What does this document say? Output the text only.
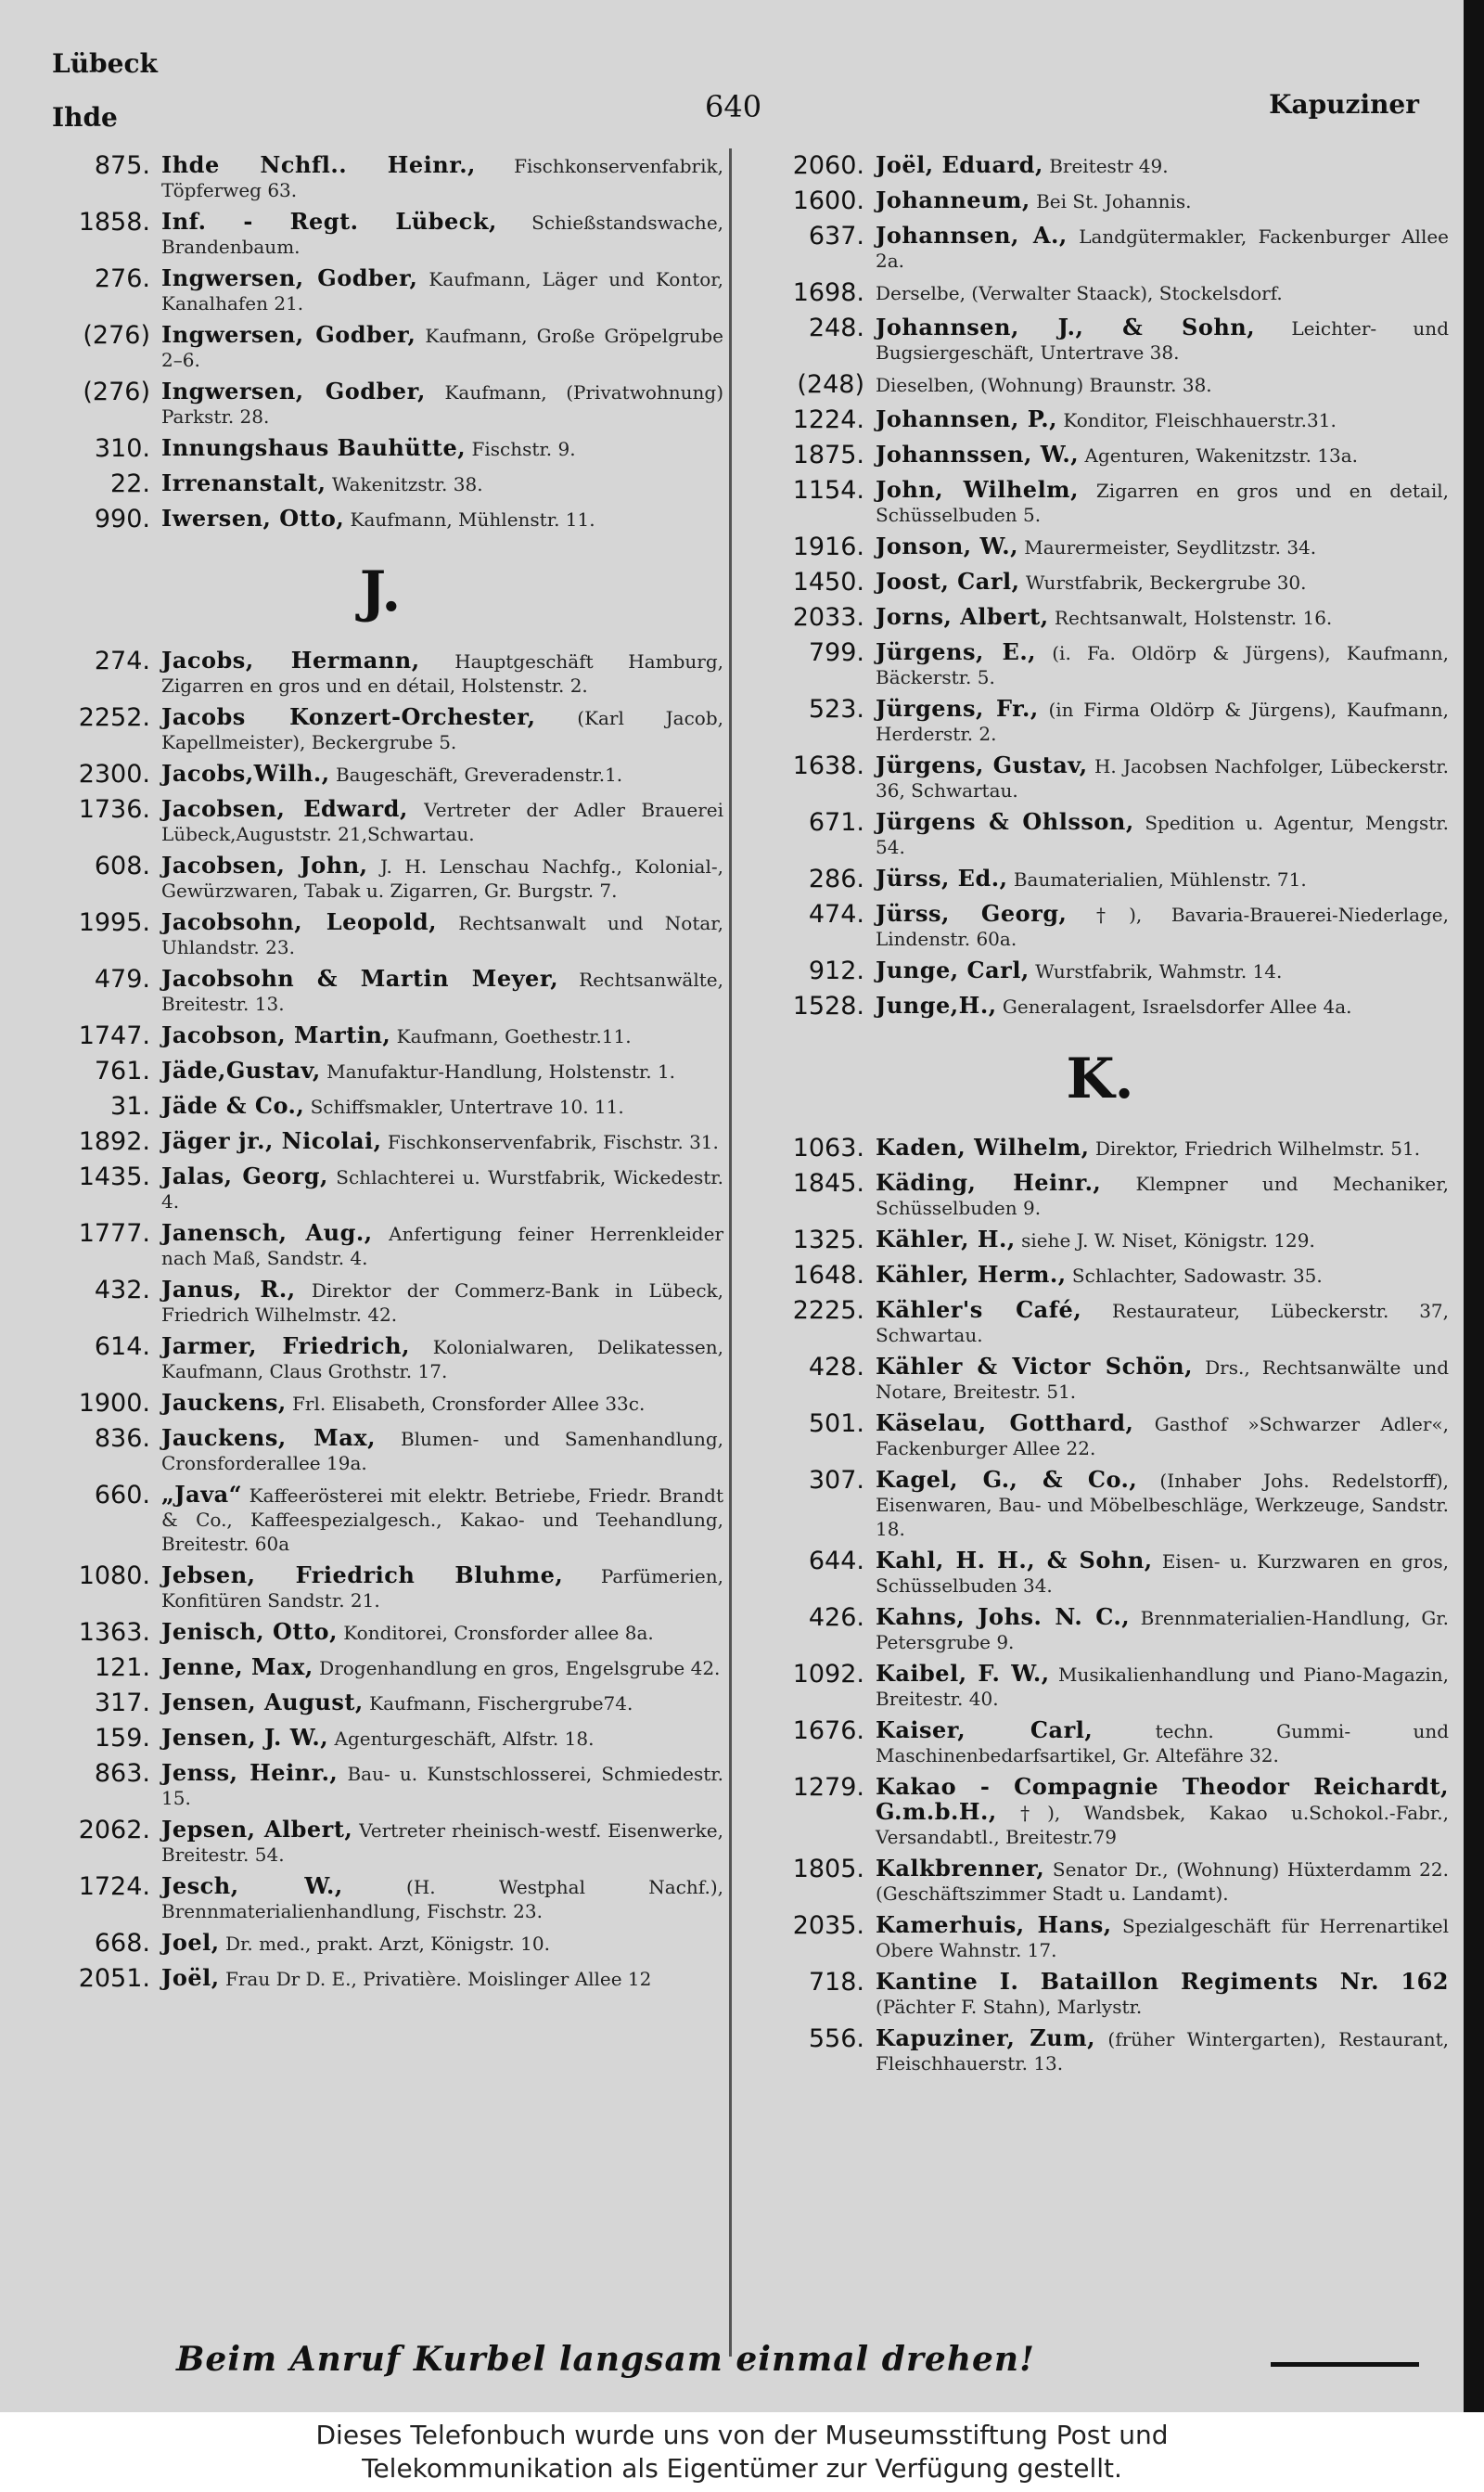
Lübeck
Ihde	640	Kapuziner
875. Ihde Nchfl.. Heinr., Fischkonservenfabrik, Töpferweg 63.
1858. Inf. - Regt. Lübeck, Schießstandswache, Brandenbaum.
276. Ingwersen, Godber, Kaufmann, Läger und Kontor, Kanalhafen 21.
(276) Ingwersen, Godber, Kaufmann, Große Gröpelgrube 2–6.
(276) Ingwersen, Godber, Kaufmann, (Privatwohnung) Parkstr. 28.
310. Innungshaus Bauhütte, Fischstr. 9.
22. Irrenanstalt, Wakenitzstr. 38.
990. Iwersen, Otto, Kaufmann, Mühlenstr. 11.
J.
274. Jacobs, Hermann, Hauptgeschäft Hamburg, Zigarren en gros und en détail, Holstenstr. 2.
2252. Jacobs Konzert-Orchester, (Karl Jacob, Kapellmeister), Beckergrube 5.
2300. Jacobs,Wilh., Baugeschäft, Greveradenstr.1.
1736. Jacobsen, Edward, Vertreter der Adler Brauerei Lübeck,Auguststr. 21,Schwartau.
608. Jacobsen, John, J. H. Lenschau Nachfg., Kolonial-, Gewürzwaren, Tabak u. Zigarren, Gr. Burgstr. 7.
1995. Jacobsohn, Leopold, Rechtsanwalt und Notar, Uhlandstr. 23.
479. Jacobsohn & Martin Meyer, Rechtsanwälte, Breitestr. 13.
1747. Jacobson, Martin, Kaufmann, Goethestr.11.
761. Jäde,Gustav, Manufaktur-Handlung, Holstenstr. 1.
31. Jäde & Co., Schiffsmakler, Untertrave 10. 11.
1892. Jäger jr., Nicolai, Fischkonservenfabrik, Fischstr. 31.
1435. Jalas, Georg, Schlachterei u. Wurstfabrik, Wickedestr. 4.
1777. Janensch, Aug., Anfertigung feiner Herrenkleider nach Maß, Sandstr. 4.
432. Janus, R., Direktor der Commerz-Bank in Lübeck, Friedrich Wilhelmstr. 42.
614. Jarmer, Friedrich, Kolonialwaren, Delikatessen, Kaufmann, Claus Grothstr. 17.
1900. Jauckens, Frl. Elisabeth, Cronsforder Allee 33c.
836. Jauckens, Max, Blumen- und Samenhandlung, Cronsforderallee 19a.
660. „Java“ Kaffeerösterei mit elektr. Betriebe, Friedr. Brandt & Co., Kaffeespezialgesch., Kakao- und Teehandlung, Breitestr. 60a
1080. Jebsen, Friedrich Bluhme, Parfümerien, Konfitüren Sandstr. 21.
1363. Jenisch, Otto, Konditorei, Cronsforder allee 8a.
121. Jenne, Max, Drogenhandlung en gros, Engelsgrube 42.
317. Jensen, August, Kaufmann, Fischergrube74.
159. Jensen, J. W., Agenturgeschäft, Alfstr. 18.
863. Jenss, Heinr., Bau- u. Kunstschlosserei, Schmiedestr. 15.
2062. Jepsen, Albert, Vertreter rheinisch-westf. Eisenwerke, Breitestr. 54.
1724. Jesch, W.,	(H. Westphal Nachf.), Brennmaterialienhandlung, Fischstr. 23.
668. Joel, Dr. med., prakt. Arzt, Königstr. 10.
2051. Joël, Frau Dr D. E., Privatière. Moislinger Allee 12
2060. Joël, Eduard, Breitestr 49.
1600. Johanneum, Bei St. Johannis.
637. Johannsen, A., Landgütermakler, Fackenburger Allee 2a.
1698. Derselbe, (Verwalter Staack), Stockelsdorf.
248. Johannsen, J., & Sohn, Leichter- und Bugsiergeschäft, Untertrave 38.
(248) Dieselben, (Wohnung) Braunstr. 38.
1224. Johannsen, P., Konditor, Fleischhauerstr.31.
1875. Johannssen, W., Agenturen, Wakenitzstr. 13a.
1154. John, Wilhelm, Zigarren en gros und en detail, Schüsselbuden 5.
1916. Jonson, W., Maurermeister, Seydlitzstr. 34.
1450. Joost, Carl, Wurstfabrik, Beckergrube 30.
2033. Jorns, Albert, Rechtsanwalt, Holstenstr. 16.
799. Jürgens, E., (i. Fa. Oldörp & Jürgens), Kaufmann, Bäckerstr. 5.
523. Jürgens, Fr., (in Firma Oldörp & Jürgens), Kaufmann, Herderstr. 2.
1638. Jürgens, Gustav, H. Jacobsen Nachfolger, Lübeckerstr. 36, Schwartau.
671. Jürgens & Ohlsson, Spedition u. Agentur, Mengstr. 54.
286. Jürss, Ed., Baumaterialien, Mühlenstr. 71.
474. Jürss, Georg, †), Bavaria-Brauerei-Niederlage, Lindenstr. 60a.
912. Junge, Carl, Wurstfabrik, Wahmstr. 14.
1528. Junge,H., Generalagent, Israelsdorfer Allee 4a.
K.
1063. Kaden, Wilhelm, Direktor, Friedrich Wilhelmstr. 51.
1845. Käding, Heinr., Klempner und Mechaniker, Schüsselbuden 9.
1325. Kähler, H., siehe J. W. Niset, Königstr. 129.
1648. Kähler, Herm., Schlachter, Sadowastr. 35.
2225. Kähler's Café, Restaurateur, Lübeckerstr. 37, Schwartau.
428. Kähler & Victor Schön, Drs., Rechtsanwälte und Notare, Breitestr. 51.
501. Käselau, Gotthard, Gasthof »Schwarzer Adler«, Fackenburger Allee 22.
307. Kagel, G., & Co., (Inhaber Johs. Redelstorff), Eisenwaren, Bau- und Möbelbeschläge, Werkzeuge, Sandstr. 18.
644. Kahl, H. H., & Sohn, Eisen- u. Kurzwaren en gros, Schüsselbuden 34.
426. Kahns, Johs. N. C., Brennmaterialien-Handlung, Gr. Petersgrube 9.
1092. Kaibel, F. W., Musikalienhandlung und Piano-Magazin, Breitestr. 40.
1676. Kaiser, Carl,	techn. Gummi- und Maschinenbedarfsartikel, Gr. Altefähre 32.
1279. Kakao - Compagnie Theodor Reichardt, G.m.b.H., †), Wandsbek, Kakao u.Schokol.-Fabr., Versandabtl., Breitestr.79
1805. Kalkbrenner, Senator Dr., (Wohnung) Hüxterdamm 22. (Geschäftszimmer Stadt u. Landamt).
2035. Kamerhuis, Hans, Spezialgeschäft für Herrenartikel Obere Wahnstr. 17.
718. Kantine I. Bataillon Regiments Nr. 162 (Pächter F. Stahn), Marlystr.
556. Kapuziner, Zum, (früher Wintergarten), Restaurant, Fleischhauerstr. 13.
Beim Anruf Kurbel langsam einmal drehen!
Dieses Telefonbuch wurde uns von der Museumsstiftung Post und
Telekommunikation als Eigentümer zur Verfügung gestellt.
